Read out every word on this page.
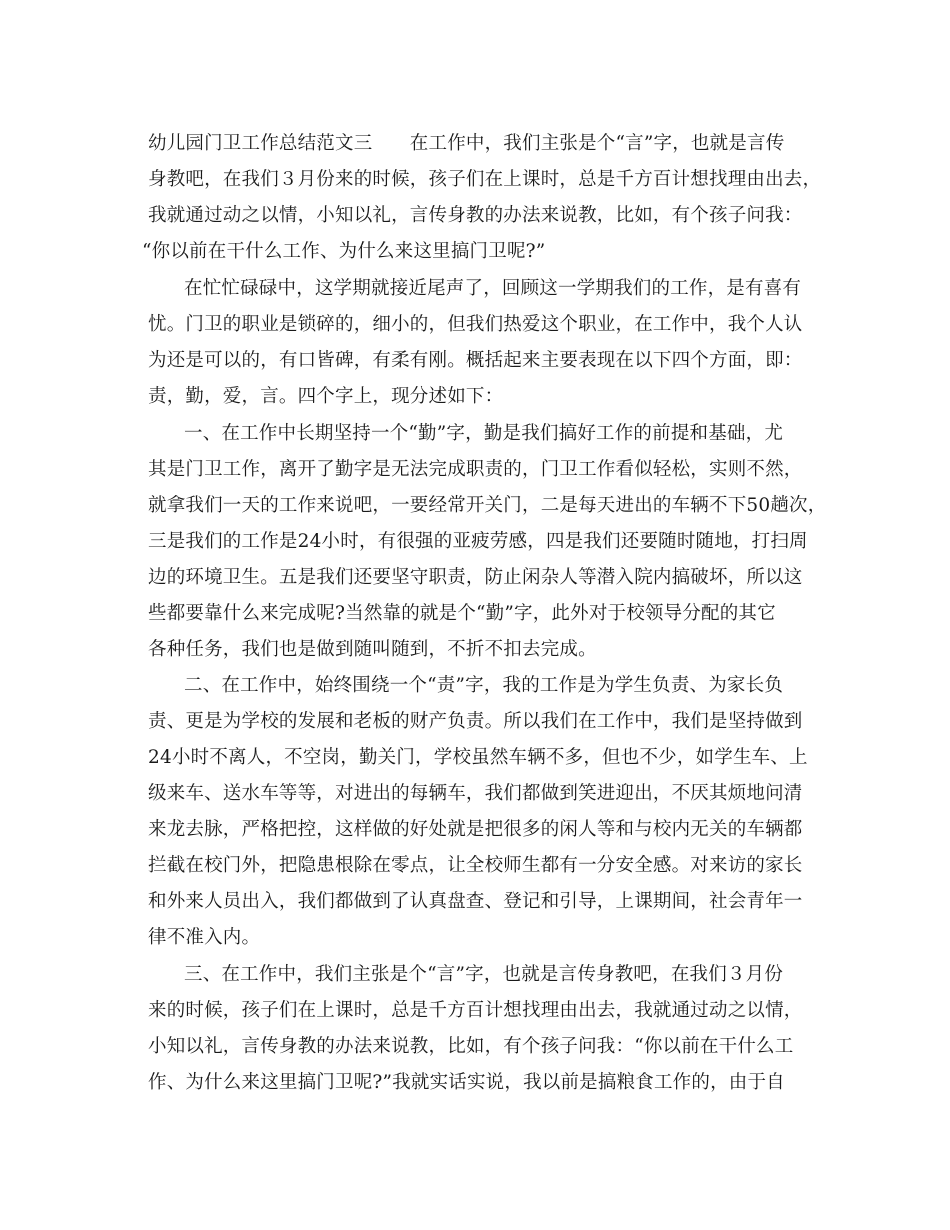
幼儿园门卫工作总结范文三　　在工作中，我们主张是个“言”字，也就是言传
身教吧，在我们３月份来的时候，孩子们在上课时，总是千方百计想找理由出去，
我就通过动之以情，小知以礼，言传身教的办法来说教，比如，有个孩子问我：
“你以前在干什么工作、为什么来这里搞门卫呢?”
在忙忙碌碌中，这学期就接近尾声了，回顾这一学期我们的工作，是有喜有
忧。门卫的职业是锁碎的，细小的，但我们热爱这个职业，在工作中，我个人认
为还是可以的，有口皆碑，有柔有刚。概括起来主要表现在以下四个方面，即：
责，勤，爱，言。四个字上，现分述如下：
一、在工作中长期坚持一个“勤”字，勤是我们搞好工作的前提和基础，尤
其是门卫工作，离开了勤字是无法完成职责的，门卫工作看似轻松，实则不然，
就拿我们一天的工作来说吧，一要经常开关门，二是每天进出的车辆不下50趟次，
三是我们的工作是24小时，有很强的亚疲劳感，四是我们还要随时随地，打扫周
边的环境卫生。五是我们还要坚守职责，防止闲杂人等潜入院内搞破坏，所以这
些都要靠什么来完成呢?当然靠的就是个“勤”字，此外对于校领导分配的其它
各种任务，我们也是做到随叫随到，不折不扣去完成。
二、在工作中，始终围绕一个“责”字，我的工作是为学生负责、为家长负
责、更是为学校的发展和老板的财产负责。所以我们在工作中，我们是坚持做到
24小时不离人，不空岗，勤关门，学校虽然车辆不多，但也不少，如学生车、上
级来车、送水车等等，对进出的每辆车，我们都做到笑进迎出，不厌其烦地问清
来龙去脉，严格把控，这样做的好处就是把很多的闲人等和与校内无关的车辆都
拦截在校门外，把隐患根除在零点，让全校师生都有一分安全感。对来访的家长
和外来人员出入，我们都做到了认真盘查、登记和引导，上课期间，社会青年一
律不准入内。
三、在工作中，我们主张是个“言”字，也就是言传身教吧，在我们３月份
来的时候，孩子们在上课时，总是千方百计想找理由出去，我就通过动之以情，
小知以礼，言传身教的办法来说教，比如，有个孩子问我：“你以前在干什么工
作、为什么来这里搞门卫呢?”我就实话实说，我以前是搞粮食工作的，由于自
